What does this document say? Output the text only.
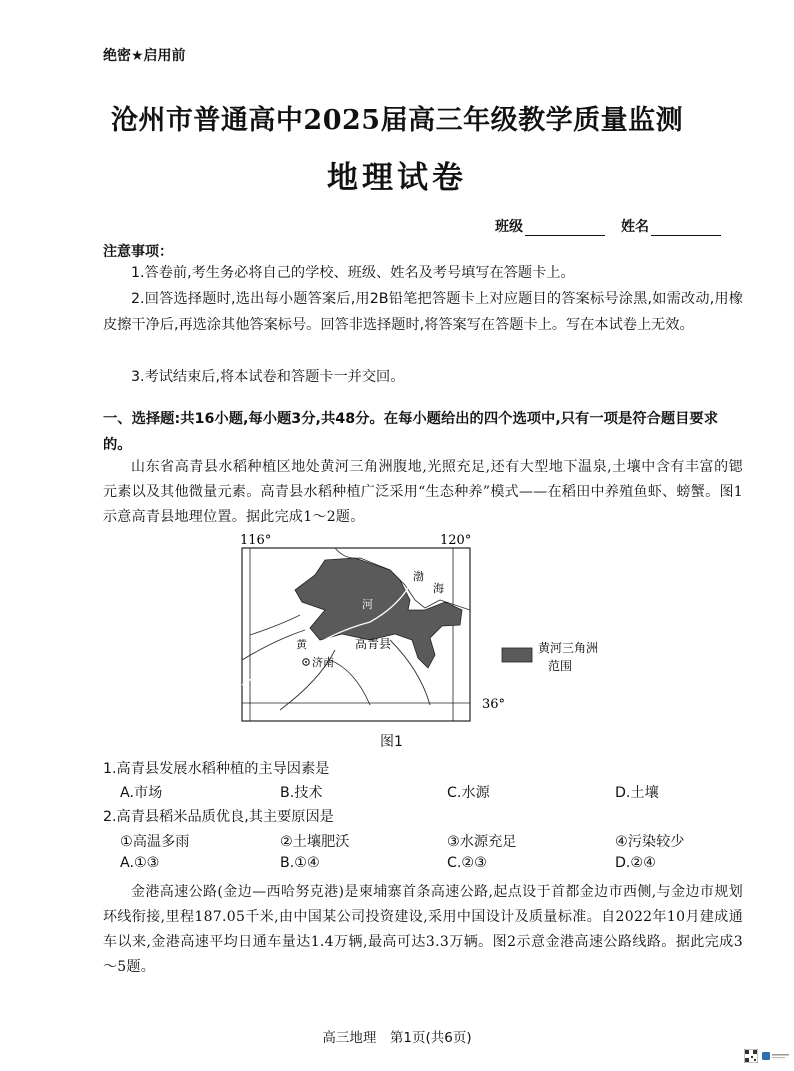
绝密★启用前
沧州市普通高中2025届高三年级教学质量监测
地理试卷
班级	姓名
注意事项：
1.答卷前,考生务必将自己的学校、班级、姓名及考号填写在答题卡上。
2.回答选择题时,选出每小题答案后,用2B铅笔把答题卡上对应题目的答案标号涂黑,如需改动,用橡皮擦干净后,再选涂其他答案标号。回答非选择题时,将答案写在答题卡上。写在本试卷上无效。
3.考试结束后,将本试卷和答题卡一并交回。
一、选择题:共16小题,每小题3分,共48分。在每小题给出的四个选项中,只有一项是符合题目要求的。
山东省高青县水稻种植区地处黄河三角洲腹地,光照充足,还有大型地下温泉,土壤中含有丰富的锶元素以及其他微量元素。高青县水稻种植广泛采用“生态种养”模式——在稻田中养殖鱼虾、螃蟹。图1示意高青县地理位置。据此完成1～2题。
116°	120°
36°
渤
海
黄
河
济南
高青县	黄河三角洲
范围
图1
1.高青县发展水稻种植的主导因素是
A.市场	B.技术	C.水源	D.土壤
2.高青县稻米品质优良,其主要原因是
①高温多雨	②土壤肥沃	③水源充足	④污染较少
A.①③	B.①④	C.②③	D.②④
金港高速公路(金边—西哈努克港)是柬埔寨首条高速公路,起点设于首都金边市西侧,与金边市规划环线衔接,里程187.05千米,由中国某公司投资建设,采用中国设计及质量标准。自2022年10月建成通车以来,金港高速平均日通车量达1.4万辆,最高可达3.3万辆。图2示意金港高速公路线路。据此完成3～5题。
高三地理　第1页(共6页)
